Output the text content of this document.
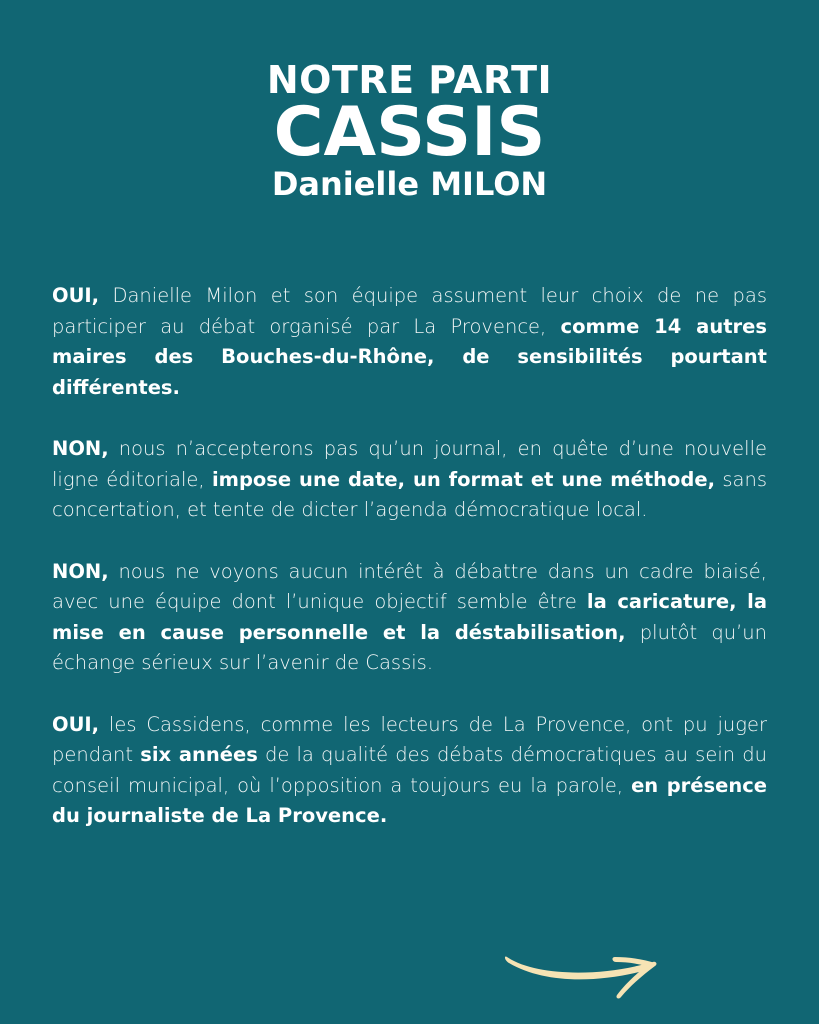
NOTRE PARTI
CASSIS
Danielle MILON

OUI, Danielle Milon et son équipe assument leur choix de ne pas participer au débat organisé par La Provence, comme 14 autres maires des Bouches-du-Rhône, de sensibilités pourtant différentes.

NON, nous n’accepterons pas qu’un journal, en quête d’une nouvelle ligne éditoriale, impose une date, un format et une méthode, sans concertation, et tente de dicter l’agenda démocratique local.

NON, nous ne voyons aucun intérêt à débattre dans un cadre biaisé, avec une équipe dont l’unique objectif semble être la caricature, la mise en cause personnelle et la déstabilisation, plutôt qu’un échange sérieux sur l’avenir de Cassis.

OUI, les Cassidens, comme les lecteurs de La Provence, ont pu juger pendant six années de la qualité des débats démocratiques au sein du conseil municipal, où l’opposition a toujours eu la parole, en présence du journaliste de La Provence.
